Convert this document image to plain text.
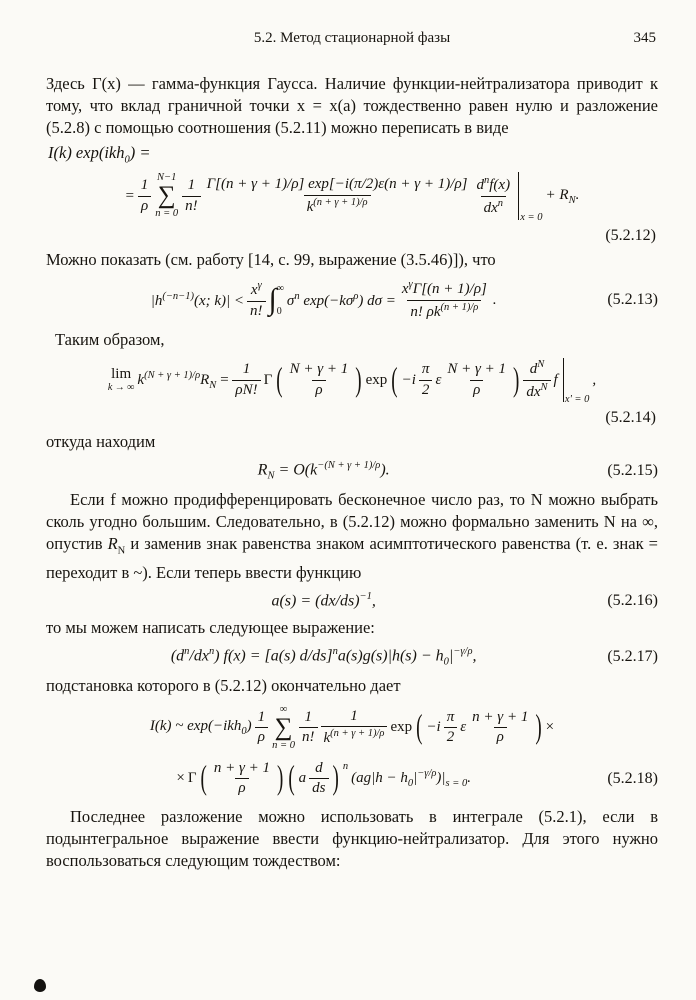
5.2. Метод стационарной фазы	345

Здесь Γ(x) — гамма-функция Гаусса. Наличие функции-нейтрализатора приводит к тому, что вклад граничной точки x = x(a) тождественно равен нулю и разложение (5.2.8) с помощью соотношения (5.2.11) можно переписать в виде

I(k) exp(ikh$_0$) =
= $\frac{1}{\rho} N-1$
∑
$n = 0 \frac{1}{n!} \frac{\Gamma[(n + \gamma + 1)/\rho] \exp[-i(\pi/2)\varepsilon(n + \gamma + 1)/\rho]}{k^{(n + \gamma + 1)/\rho}} \frac{d^nf(x)}{dx^n}$ x = 0
+ $R_N$.
(5.2.12)

Можно показать (см. работу [14, с. 99, выражение (3.5.46)]), что

$|h^{(-n-1)}(x$; $k)| < \frac{x^\gamma}{n!}$ ∫ ∞
0
$\sigma^n$ $\exp(-k\sigma^\rho) d\sigma = \frac{x^\gamma\Gamma[(n + 1)/\rho]}{n! \rho k^{(n + 1)/\rho}}$ .	(5.2.13)

Таким образом,

lim
k → ∞ $k^{(N + \gamma + 1)/\rho}R_N = \frac{1}{\rho N!}$ Γ ( $\frac{N + \gamma + 1}{\rho}$ ) exp ( $-i \frac{\pi}{2}$ ε $\frac{N + \gamma + 1}{\rho}$ ) $\frac{d^N}{dx^N}$ f
x' = 0
,
(5.2.14)

откуда находим

$R_N = O(k^{-(N + \gamma + 1)/\rho})$.	(5.2.15)

Если f можно продифференцировать бесконечное число раз, то N можно выбрать сколь угодно большим. Следовательно, в (5.2.12) можно формально заменить N на ∞, опустив $R_N$ и заменив знак равенства знаком асимптотического равенства (т. е. знак = переходит в ~). Если теперь ввести функцию

$a(s) = (dx/ds)^{-1}$,	(5.2.16)

то мы можем написать следующее выражение:

$(d^n/dx^n) f(x) = [a(s) d/ds]^na(s)g(s)|h(s) - h_0|^{-\gamma/\rho}$,	(5.2.17)

подстановка которого в (5.2.12) окончательно дает

I(k) ~ $\exp(-ikh_0) \frac{1}{\rho}$ ∞
∑
$n = 0 \frac{1}{n!} \frac{1}{k^{(n + \gamma + 1)/\rho}}$ exp ( $-i \frac{\pi}{2}$ ε $\frac{n + \gamma + 1}{\rho}$ ) ×
× Γ ( $\frac{n + \gamma + 1}{\rho}$ ) ( a $\frac{d}{ds}$ ) $^n$
$(ag|h - h_0|^{-\gamma/\rho})|_{s = 0}$.	(5.2.18)

Последнее разложение можно использовать в интеграле (5.2.1), если в подынтегральное выражение ввести функцию-нейтрализатор. Для этого нужно воспользоваться следующим тождеством:
